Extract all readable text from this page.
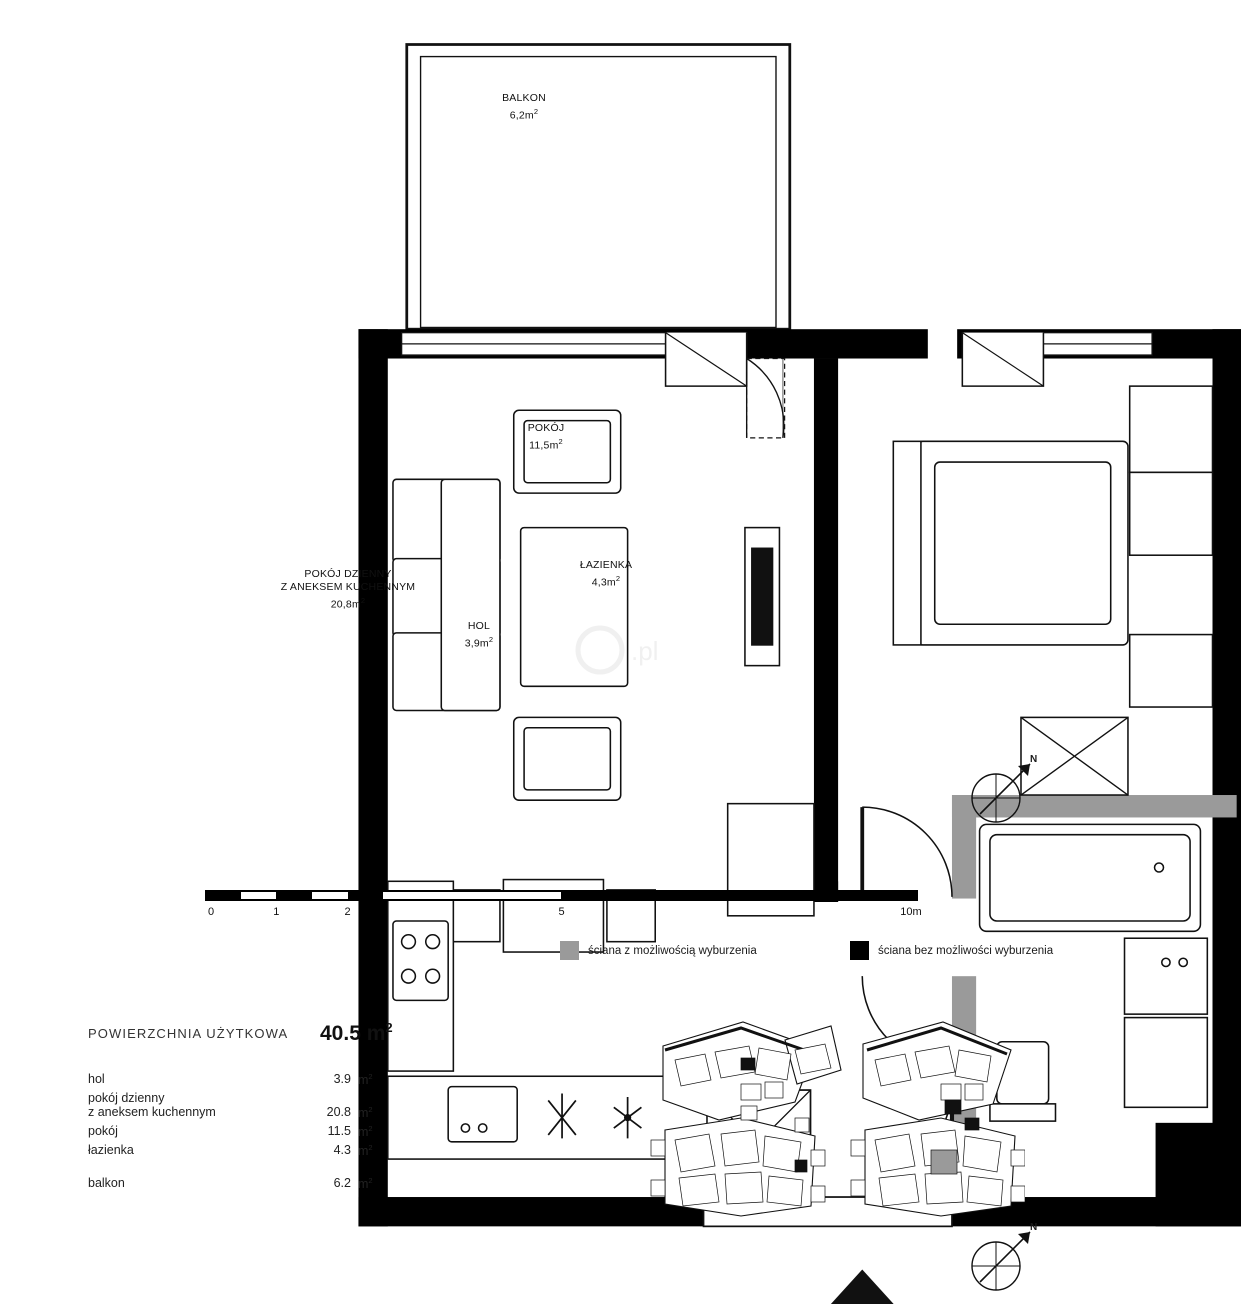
BALKON
$6,2m^2$
POKÓJ
$11,5m^2$
ŁAZIENKA
$4,3m^2$
HOL
$3,9m^2$
POKÓJ DZIENNY
Z ANEKSEM KUCHENNYM
$20,8m^2$
.pl
N
0	1	2	5	10m
ściana z możliwością wyburzenia	ściana bez możliwości wyburzenia
POWIERZCHNIA UŻYTKOWA 40.5 $m^2$
hol	3.9 $m^2$
pokój dzienny
z aneksem kuchennym	20.8 $m^2$
pokój	11.5 $m^2$
łazienka	4.3 $m^2$
balkon	6.2 $m^2$
N
